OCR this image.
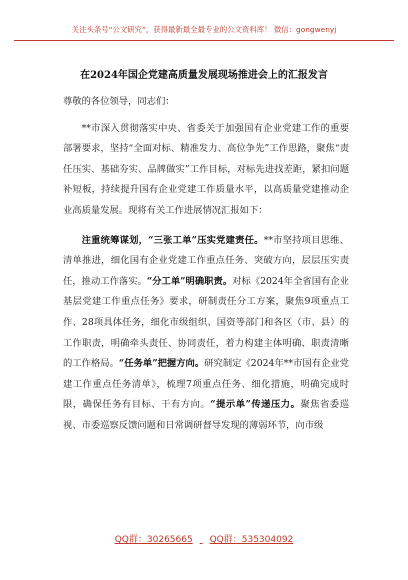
关注头条号“公文研究”，获得最新最全最专业的公文资料库！ 微信：gongwenyj
在2024年国企党建高质量发展现场推进会上的汇报发言

尊敬的各位领导，同志们：

**市深入贯彻落实中央、省委关于加强国有企业党建工作的重要部署要求，坚持“全面对标、精准发力、高位争先”工作思路，聚焦“责任压实、基础夯实、品牌做实”工作目标，对标先进找差距，紧扣问题补短板，持续提升国有企业党建工作质量水平，以高质量党建推动企业高质量发展。现将有关工作进展情况汇报如下：

注重统筹谋划，“三张工单”压实党建责任。**市坚持项目思维、清单推进，细化国有企业党建工作重点任务、突破方向，层层压实责任，推动工作落实。“分工单”明确职责。对标《2024年全省国有企业基层党建工作重点任务》要求，研制责任分工方案，聚焦9项重点工作、28项具体任务，细化市级组织、国资等部门和各区（市、县）的工作职责，明确牵头责任、协同责任，着力构建主体明确、职责清晰的工作格局。“任务单”把握方向。研究制定《2024年**市国有企业党建工作重点任务清单》，梳理7项重点任务、细化措施，明确完成时限，确保任务有目标、干有方向。“提示单”传递压力。聚焦省委巡视、市委巡察反馈问题和日常调研督导发现的薄弱环节，向市级

QQ群：30265665 QQ群：535304092
